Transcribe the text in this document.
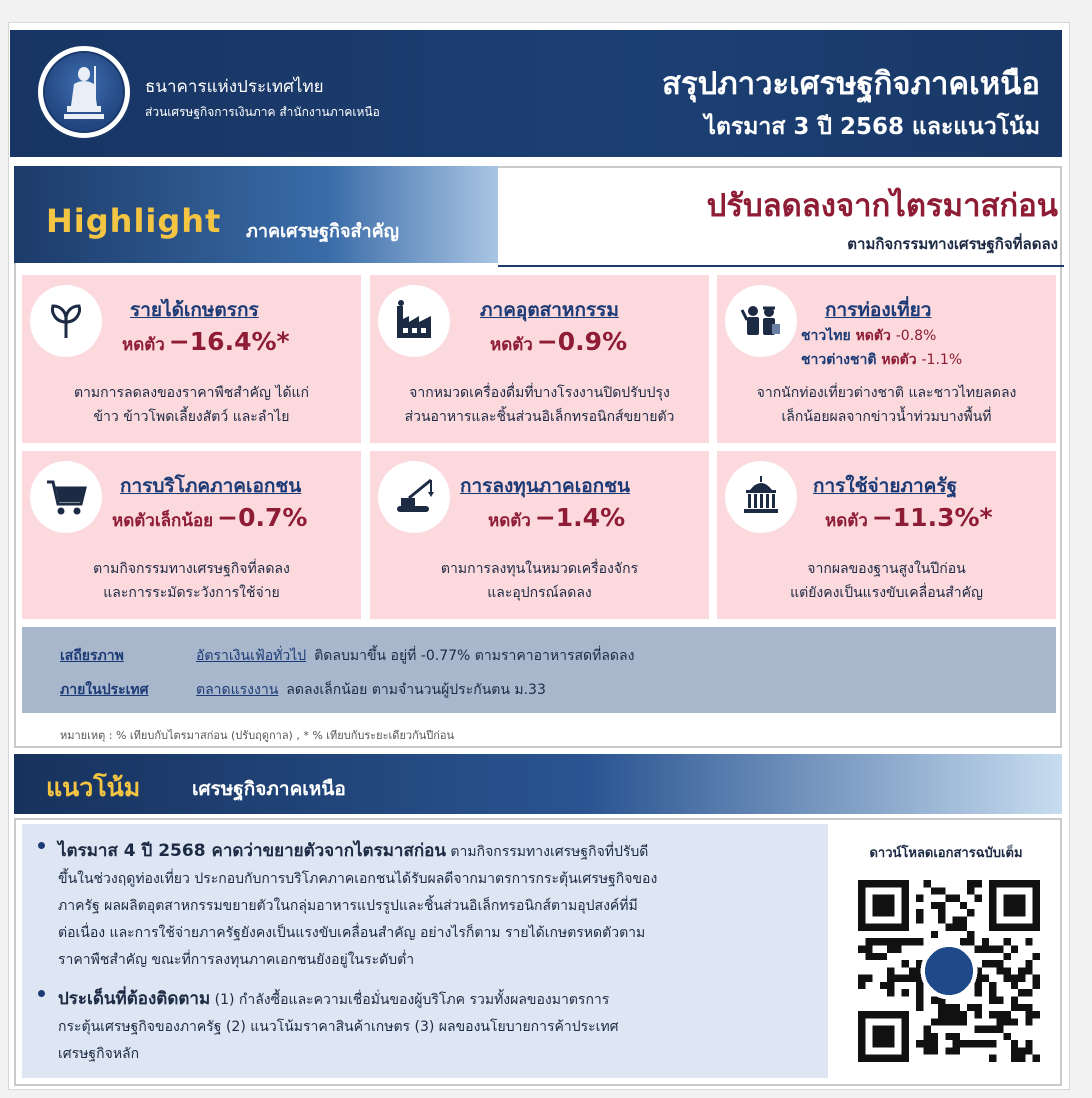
ธนาคารแห่งประเทศไทย
ส่วนเศรษฐกิจการเงินภาค สำนักงานภาคเหนือ
สรุปภาวะเศรษฐกิจภาคเหนือ
ไตรมาส 3 ปี 2568 และแนวโน้ม
Highlight ภาคเศรษฐกิจสำคัญ
ปรับลดลงจากไตรมาสก่อน
ตามกิจกรรมทางเศรษฐกิจที่ลดลง
รายได้เกษตรกร
หดตัว −16.4%*
ตามการลดลงของราคาพืชสำคัญ ได้แก่
ข้าว ข้าวโพดเลี้ยงสัตว์ และลำไย
ภาคอุตสาหกรรม
หดตัว −0.9%
จากหมวดเครื่องดื่มที่บางโรงงานปิดปรับปรุง
ส่วนอาหารและชิ้นส่วนอิเล็กทรอนิกส์ขยายตัว
การท่องเที่ยว
ชาวไทย หดตัว -0.8%
ชาวต่างชาติ หดตัว -1.1%
จากนักท่องเที่ยวต่างชาติ และชาวไทยลดลง
เล็กน้อยผลจากข่าวน้ำท่วมบางพื้นที่
การบริโภคภาคเอกชน
หดตัวเล็กน้อย −0.7%
ตามกิจกรรมทางเศรษฐกิจที่ลดลง
และการระมัดระวังการใช้จ่าย
การลงทุนภาคเอกชน
หดตัว −1.4%
ตามการลงทุนในหมวดเครื่องจักร
และอุปกรณ์ลดลง
การใช้จ่ายภาครัฐ
หดตัว −11.3%*
จากผลของฐานสูงในปีก่อน
แต่ยังคงเป็นแรงขับเคลื่อนสำคัญ
เสถียรภาพ	อัตราเงินเฟ้อทั่วไป ติดลบมาขึ้น อยู่ที่ -0.77% ตามราคาอาหารสดที่ลดลง
ภายในประเทศ	ตลาดแรงงาน ลดลงเล็กน้อย ตามจำนวนผู้ประกันตน ม.33
หมายเหตุ : % เทียบกับไตรมาสก่อน (ปรับฤดูกาล) , * % เทียบกับระยะเดียวกันปีก่อน
แนวโน้ม	เศรษฐกิจภาคเหนือ
ไตรมาส 4 ปี 2568 คาดว่าขยายตัวจากไตรมาสก่อน ตามกิจกรรมทางเศรษฐกิจที่ปรับดี
ขึ้นในช่วงฤดูท่องเที่ยว ประกอบกับการบริโภคภาคเอกชนได้รับผลดีจากมาตรการกระตุ้นเศรษฐกิจของ
ภาครัฐ ผลผลิตอุตสาหกรรมขยายตัวในกลุ่มอาหารแปรรูปและชิ้นส่วนอิเล็กทรอนิกส์ตามอุปสงค์ที่มี
ต่อเนื่อง และการใช้จ่ายภาครัฐยังคงเป็นแรงขับเคลื่อนสำคัญ อย่างไรก็ตาม รายได้เกษตรหดตัวตาม
ราคาพืชสำคัญ ขณะที่การลงทุนภาคเอกชนยังอยู่ในระดับต่ำ
ประเด็นที่ต้องติดตาม (1) กำลังซื้อและความเชื่อมั่นของผู้บริโภค รวมทั้งผลของมาตรการ
กระตุ้นเศรษฐกิจของภาครัฐ (2) แนวโน้มราคาสินค้าเกษตร (3) ผลของนโยบายการค้าประเทศ
เศรษฐกิจหลัก
ดาวน์โหลดเอกสารฉบับเต็ม
